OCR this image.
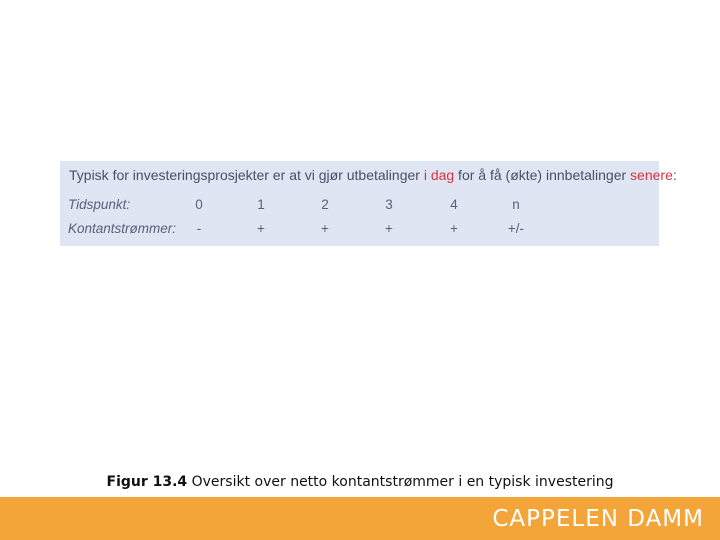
Typisk for investeringsprosjekter er at vi gjør utbetalinger i dag for å få (økte) innbetalinger senere:
Tidspunkt:	0	1	2	3	4	n
Kontantstrømmer:	-	+	+	+	+	+/-
Figur 13.4 Oversikt over netto kontantstrømmer i en typisk investering
CAPPELEN DAMM
